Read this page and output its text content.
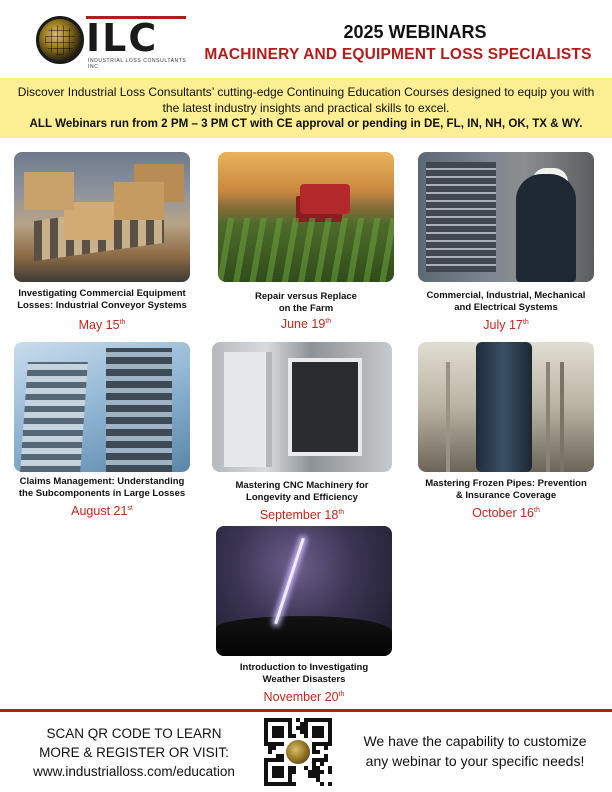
ILC
INDUSTRIAL LOSS CONSULTANTS INC
2025 WEBINARS
MACHINERY AND EQUIPMENT LOSS SPECIALISTS
Discover Industrial Loss Consultants’ cutting-edge Continuing Education Courses designed to equip you with
the latest industry insights and practical skills to excel.
ALL Webinars run from 2 PM – 3 PM CT with CE approval or pending in DE, FL, IN, NH, OK, TX & WY.
Investigating Commercial Equipment
Losses: Industrial Conveyor Systems
May 15th
Repair versus Replace
on the Farm
June 19th
Commercial, Industrial, Mechanical
and Electrical Systems
July 17th
Claims Management: Understanding
the Subcomponents in Large Losses
August 21st
Mastering CNC Machinery for
Longevity and Efficiency
September 18th
Mastering Frozen Pipes: Prevention
& Insurance Coverage
October 16th
Introduction to Investigating
Weather Disasters
November 20th
SCAN QR CODE TO LEARN
MORE & REGISTER OR VISIT:
www.industrialloss.com/education
We have the capability to customize
any webinar to your specific needs!
